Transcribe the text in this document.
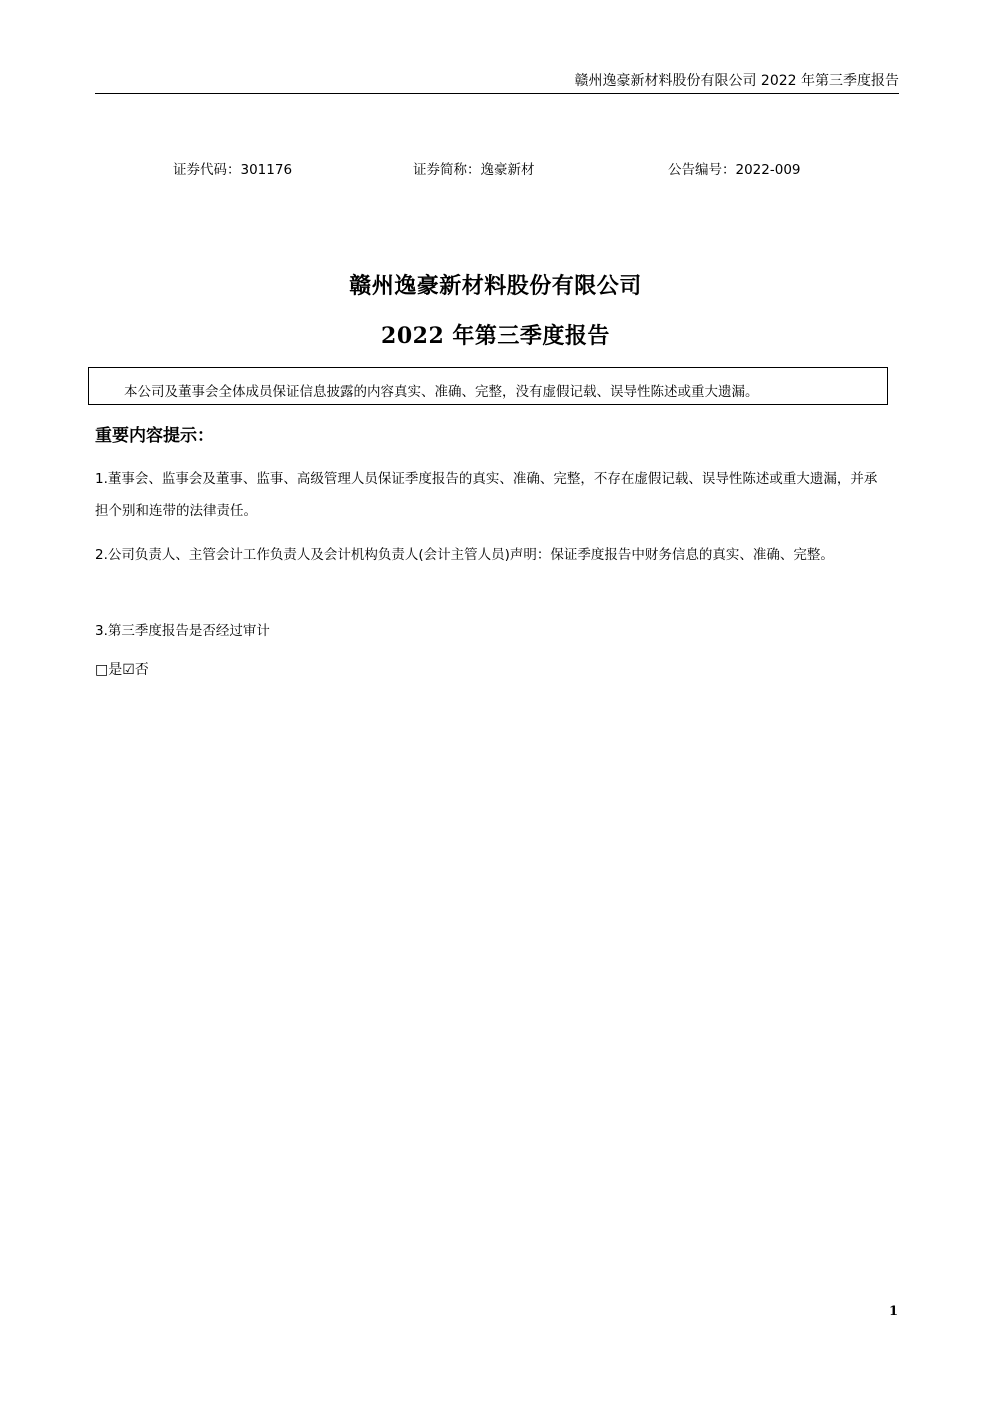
赣州逸豪新材料股份有限公司 2022 年第三季度报告
证券代码：301176	证券简称：逸豪新材	公告编号：2022-009
赣州逸豪新材料股份有限公司
2022 年第三季度报告
本公司及董事会全体成员保证信息披露的内容真实、准确、完整，没有虚假记载、误导性陈述或重大遗漏。
重要内容提示：
1.董事会、监事会及董事、监事、高级管理人员保证季度报告的真实、准确、完整，不存在虚假记载、误导性陈述或重大遗漏，并承担个别和连带的法律责任。
2.公司负责人、主管会计工作负责人及会计机构负责人(会计主管人员)声明：保证季度报告中财务信息的真实、准确、完整。
3.第三季度报告是否经过审计
□是☑否
1
